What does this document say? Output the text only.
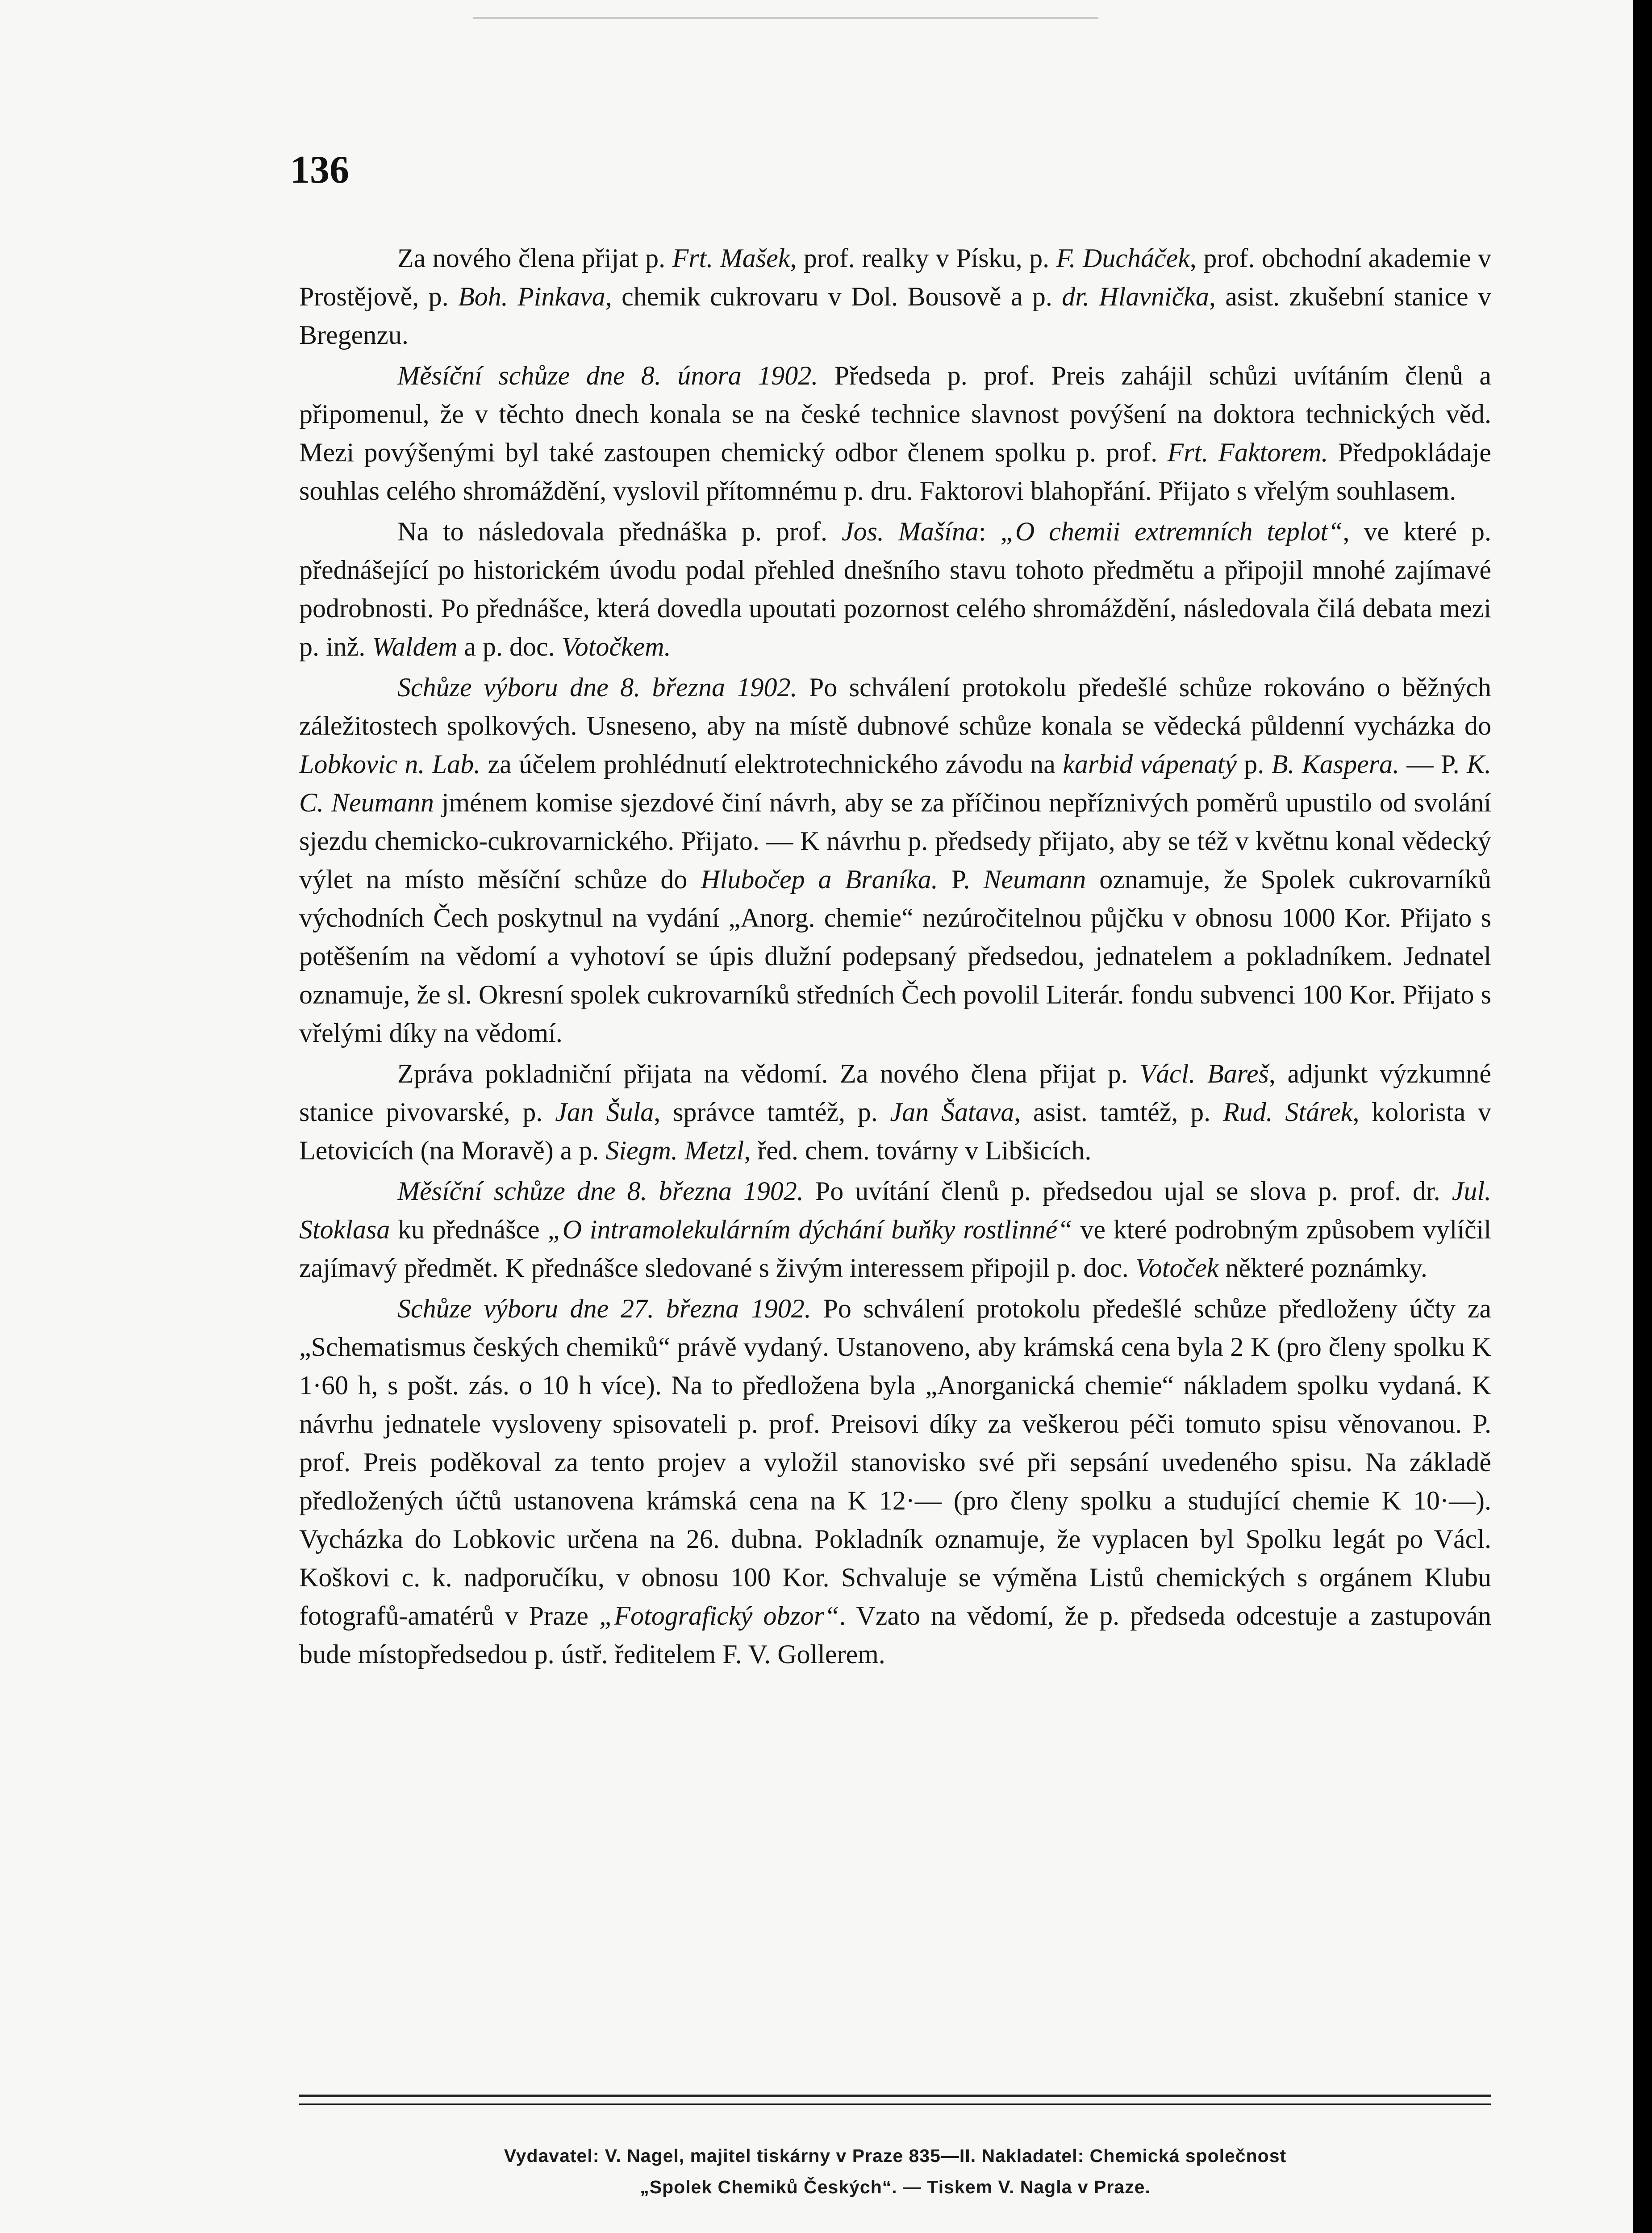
136

Za nového člena přijat p. Frt. Mašek, prof. realky v Písku, p. F. Ducháček, prof. obchodní akademie v Prostějově, p. Boh. Pinkava, chemik cukrovaru v Dol. Bousově a p. dr. Hlavnička, asist. zkušební stanice v Bregenzu.

Měsíční schůze dne 8. února 1902. Předseda p. prof. Preis zahájil schůzi uvítáním členů a připomenul, že v těchto dnech konala se na české technice slavnost povýšení na doktora technických věd. Mezi povýšenými byl také zastoupen chemický odbor členem spolku p. prof. Frt. Faktorem. Předpokládaje souhlas celého shromáždění, vyslovil přítomnému p. dru. Faktorovi blahopřání. Přijato s vřelým souhlasem.

Na to následovala přednáška p. prof. Jos. Mašína: „O chemii extremních teplot“, ve které p. přednášející po historickém úvodu podal přehled dnešního stavu tohoto předmětu a připojil mnohé zajímavé podrobnosti. Po přednášce, která dovedla upoutati pozornost celého shromáždění, následovala čilá debata mezi p. inž. Waldem a p. doc. Votočkem.

Schůze výboru dne 8. března 1902. Po schválení protokolu předešlé schůze rokováno o běžných záležitostech spolkových. Usneseno, aby na místě dubnové schůze konala se vědecká půldenní vycházka do Lobkovic n. Lab. za účelem prohlédnutí elektrotechnického závodu na karbid vápenatý p. B. Kaspera. — P. K. C. Neumann jménem komise sjezdové činí návrh, aby se za příčinou nepříznivých poměrů upustilo od svolání sjezdu chemicko-cukrovarnického. Přijato. — K návrhu p. předsedy přijato, aby se též v květnu konal vědecký výlet na místo měsíční schůze do Hlubočep a Braníka. P. Neumann oznamuje, že Spolek cukrovarníků východních Čech poskytnul na vydání „Anorg. chemie“ nezúročitelnou půjčku v obnosu 1000 Kor. Přijato s potěšením na vědomí a vyhotoví se úpis dlužní podepsaný předsedou, jednatelem a pokladníkem. Jednatel oznamuje, že sl. Okresní spolek cukrovarníků středních Čech povolil Literár. fondu subvenci 100 Kor. Přijato s vřelými díky na vědomí.

Zpráva pokladniční přijata na vědomí. Za nového člena přijat p. Václ. Bareš, adjunkt výzkumné stanice pivovarské, p. Jan Šula, správce tamtéž, p. Jan Šatava, asist. tamtéž, p. Rud. Stárek, kolorista v Letovicích (na Moravě) a p. Siegm. Metzl, řed. chem. továrny v Libšicích.

Měsíční schůze dne 8. března 1902. Po uvítání členů p. předsedou ujal se slova p. prof. dr. Jul. Stoklasa ku přednášce „O intramolekulárním dýchání buňky rostlinné“ ve které podrobným způsobem vylíčil zajímavý předmět. K přednášce sledované s živým interessem připojil p. doc. Votoček některé poznámky.

Schůze výboru dne 27. března 1902. Po schválení protokolu předešlé schůze předloženy účty za „Schematismus českých chemiků“ právě vydaný. Ustanoveno, aby krámská cena byla 2 K (pro členy spolku K 1·60 h, s pošt. zás. o 10 h více). Na to předložena byla „Anorganická chemie“ nákladem spolku vydaná. K návrhu jednatele vysloveny spisovateli p. prof. Preisovi díky za veškerou péči tomuto spisu věnovanou. P. prof. Preis poděkoval za tento projev a vyložil stanovisko své při sepsání uvedeného spisu. Na základě předložených účtů ustanovena krámská cena na K 12·— (pro členy spolku a studující chemie K 10·—). Vycházka do Lobkovic určena na 26. dubna. Pokladník oznamuje, že vyplacen byl Spolku legát po Václ. Koškovi c. k. nadporučíku, v obnosu 100 Kor. Schvaluje se výměna Listů chemických s orgánem Klubu fotografů-amatérů v Praze „Fotografický obzor“. Vzato na vědomí, že p. předseda odcestuje a zastupován bude místopředsedou p. ústř. ředitelem F. V. Gollerem.

Vydavatel: V. Nagel, majitel tiskárny v Praze 835—II. Nakladatel: Chemická společnost
„Spolek Chemiků Českých“. — Tiskem V. Nagla v Praze.
